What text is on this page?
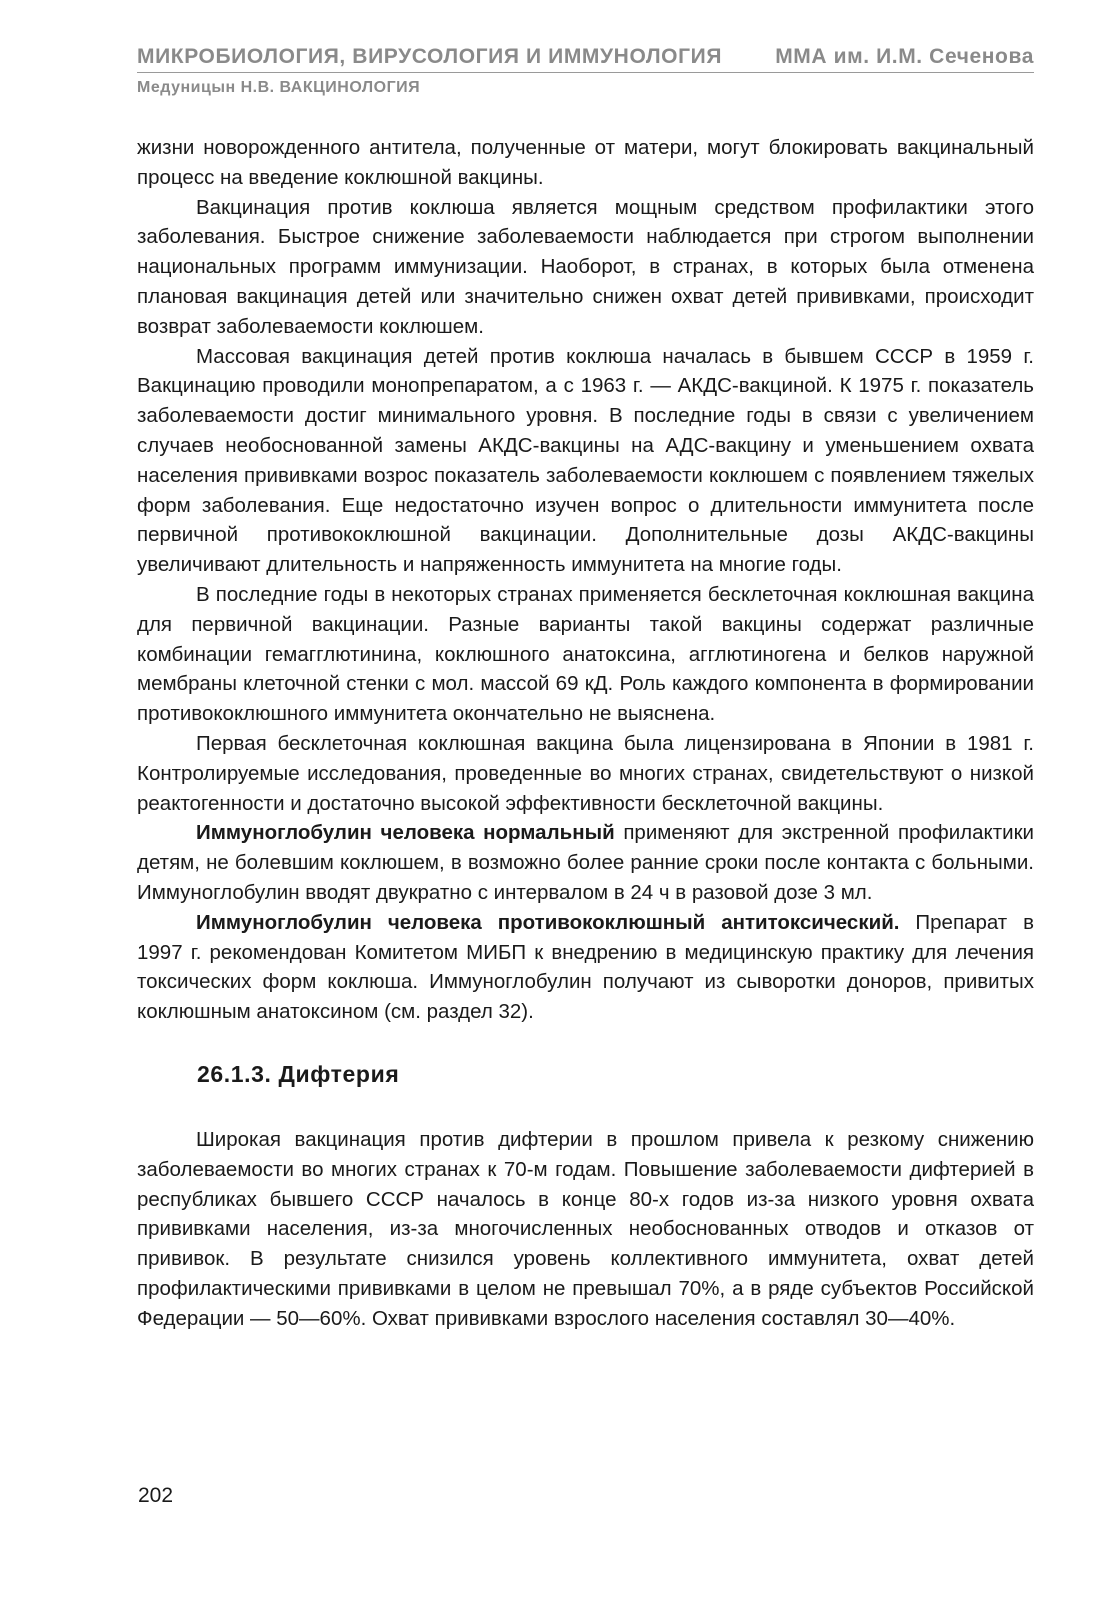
МИКРОБИОЛОГИЯ, ВИРУСОЛОГИЯ И ИММУНОЛОГИЯ	ММА им. И.М. Сеченова
Медуницын Н.В. ВАКЦИНОЛОГИЯ

жизни новорожденного антитела, полученные от матери, могут блокировать вакцинальный процесс на введение коклюшной вакцины.

Вакцинация против коклюша является мощным средством профилактики этого заболевания. Быстрое снижение заболеваемости наблюдается при строгом выполнении национальных программ иммунизации. Наоборот, в странах, в которых была отменена плановая вакцинация детей или значительно снижен охват детей прививками, происходит возврат заболеваемости коклюшем.

Массовая вакцинация детей против коклюша началась в бывшем СССР в 1959 г. Вакцинацию проводили монопрепаратом, а с 1963 г. — АКДС-вакциной. К 1975 г. показатель заболеваемости достиг минимального уровня. В последние годы в связи с увеличением случаев необоснованной замены АКДС-вакцины на АДС-вакцину и уменьшением охвата населения прививками возрос показатель заболеваемости коклюшем с появлением тяжелых форм заболевания. Еще недостаточно изучен вопрос о длительности иммунитета после первичной противококлюшной вакцинации. Дополнительные дозы АКДС-вакцины увеличивают длительность и напряженность иммунитета на многие годы.

В последние годы в некоторых странах применяется бесклеточная коклюшная вакцина для первичной вакцинации. Разные варианты такой вакцины содержат различные комбинации гемагглютинина, коклюшного анатоксина, агглютиногена и белков наружной мембраны клеточной стенки с мол. массой 69 кД. Роль каждого компонента в формировании противококлюшного иммунитета окончательно не выяснена.

Первая бесклеточная коклюшная вакцина была лицензирована в Японии в 1981 г. Контролируемые исследования, проведенные во многих странах, свидетельствуют о низкой реактогенности и достаточно высокой эффективности бесклеточной вакцины.

Иммуноглобулин человека нормальный применяют для экстренной профилактики детям, не болевшим коклюшем, в возможно более ранние сроки после контакта с больными. Иммуноглобулин вводят двукратно с интервалом в 24 ч в разовой дозе 3 мл.

Иммуноглобулин человека противококлюшный антитоксический. Препарат в 1997 г. рекомендован Комитетом МИБП к внедрению в медицинскую практику для лечения токсических форм коклюша. Иммуноглобулин получают из сыворотки доноров, привитых коклюшным анатоксином (см. раздел 32).

26.1.3. Дифтерия

Широкая вакцинация против дифтерии в прошлом привела к резкому снижению заболеваемости во многих странах к 70-м годам. Повышение заболеваемости дифтерией в республиках бывшего СССР началось в конце 80-х годов из-за низкого уровня охвата прививками населения, из-за многочисленных необоснованных отводов и отказов от прививок. В результате снизился уровень коллективного иммунитета, охват детей профилактическими прививками в целом не превышал 70%, а в ряде субъектов Российской Федерации — 50—60%. Охват прививками взрослого населения составлял 30—40%.

202
